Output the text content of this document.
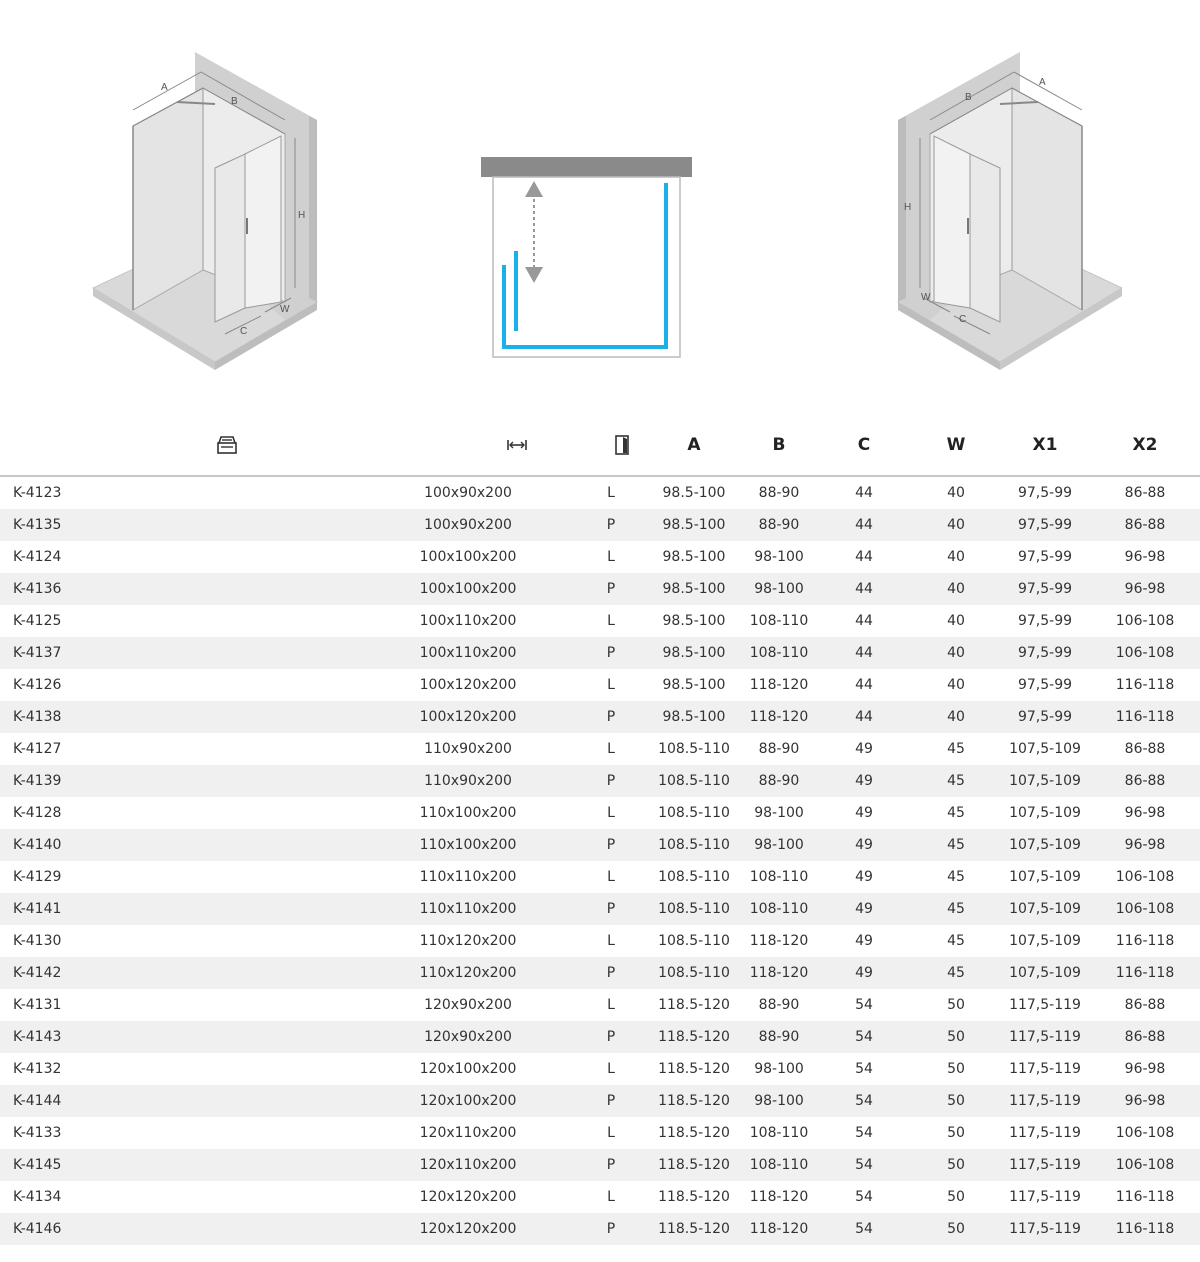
A
B
H
W
C
A
B
H
W
C
			A	B	C	W	X1	X2
K-4123	100x90x200		L	98.5-100	88-90	44	40	97,5-99	86-88
K-4135	100x90x200		P	98.5-100	88-90	44	40	97,5-99	86-88
K-4124	100x100x200		L	98.5-100	98-100	44	40	97,5-99	96-98
K-4136	100x100x200		P	98.5-100	98-100	44	40	97,5-99	96-98
K-4125	100x110x200		L	98.5-100	108-110	44	40	97,5-99	106-108
K-4137	100x110x200		P	98.5-100	108-110	44	40	97,5-99	106-108
K-4126	100x120x200		L	98.5-100	118-120	44	40	97,5-99	116-118
K-4138	100x120x200		P	98.5-100	118-120	44	40	97,5-99	116-118
K-4127	110x90x200		L	108.5-110	88-90	49	45	107,5-109	86-88
K-4139	110x90x200		P	108.5-110	88-90	49	45	107,5-109	86-88
K-4128	110x100x200		L	108.5-110	98-100	49	45	107,5-109	96-98
K-4140	110x100x200		P	108.5-110	98-100	49	45	107,5-109	96-98
K-4129	110x110x200		L	108.5-110	108-110	49	45	107,5-109	106-108
K-4141	110x110x200		P	108.5-110	108-110	49	45	107,5-109	106-108
K-4130	110x120x200		L	108.5-110	118-120	49	45	107,5-109	116-118
K-4142	110x120x200		P	108.5-110	118-120	49	45	107,5-109	116-118
K-4131	120x90x200		L	118.5-120	88-90	54	50	117,5-119	86-88
K-4143	120x90x200		P	118.5-120	88-90	54	50	117,5-119	86-88
K-4132	120x100x200		L	118.5-120	98-100	54	50	117,5-119	96-98
K-4144	120x100x200		P	118.5-120	98-100	54	50	117,5-119	96-98
K-4133	120x110x200		L	118.5-120	108-110	54	50	117,5-119	106-108
K-4145	120x110x200		P	118.5-120	108-110	54	50	117,5-119	106-108
K-4134	120x120x200		L	118.5-120	118-120	54	50	117,5-119	116-118
K-4146	120x120x200		P	118.5-120	118-120	54	50	117,5-119	116-118
